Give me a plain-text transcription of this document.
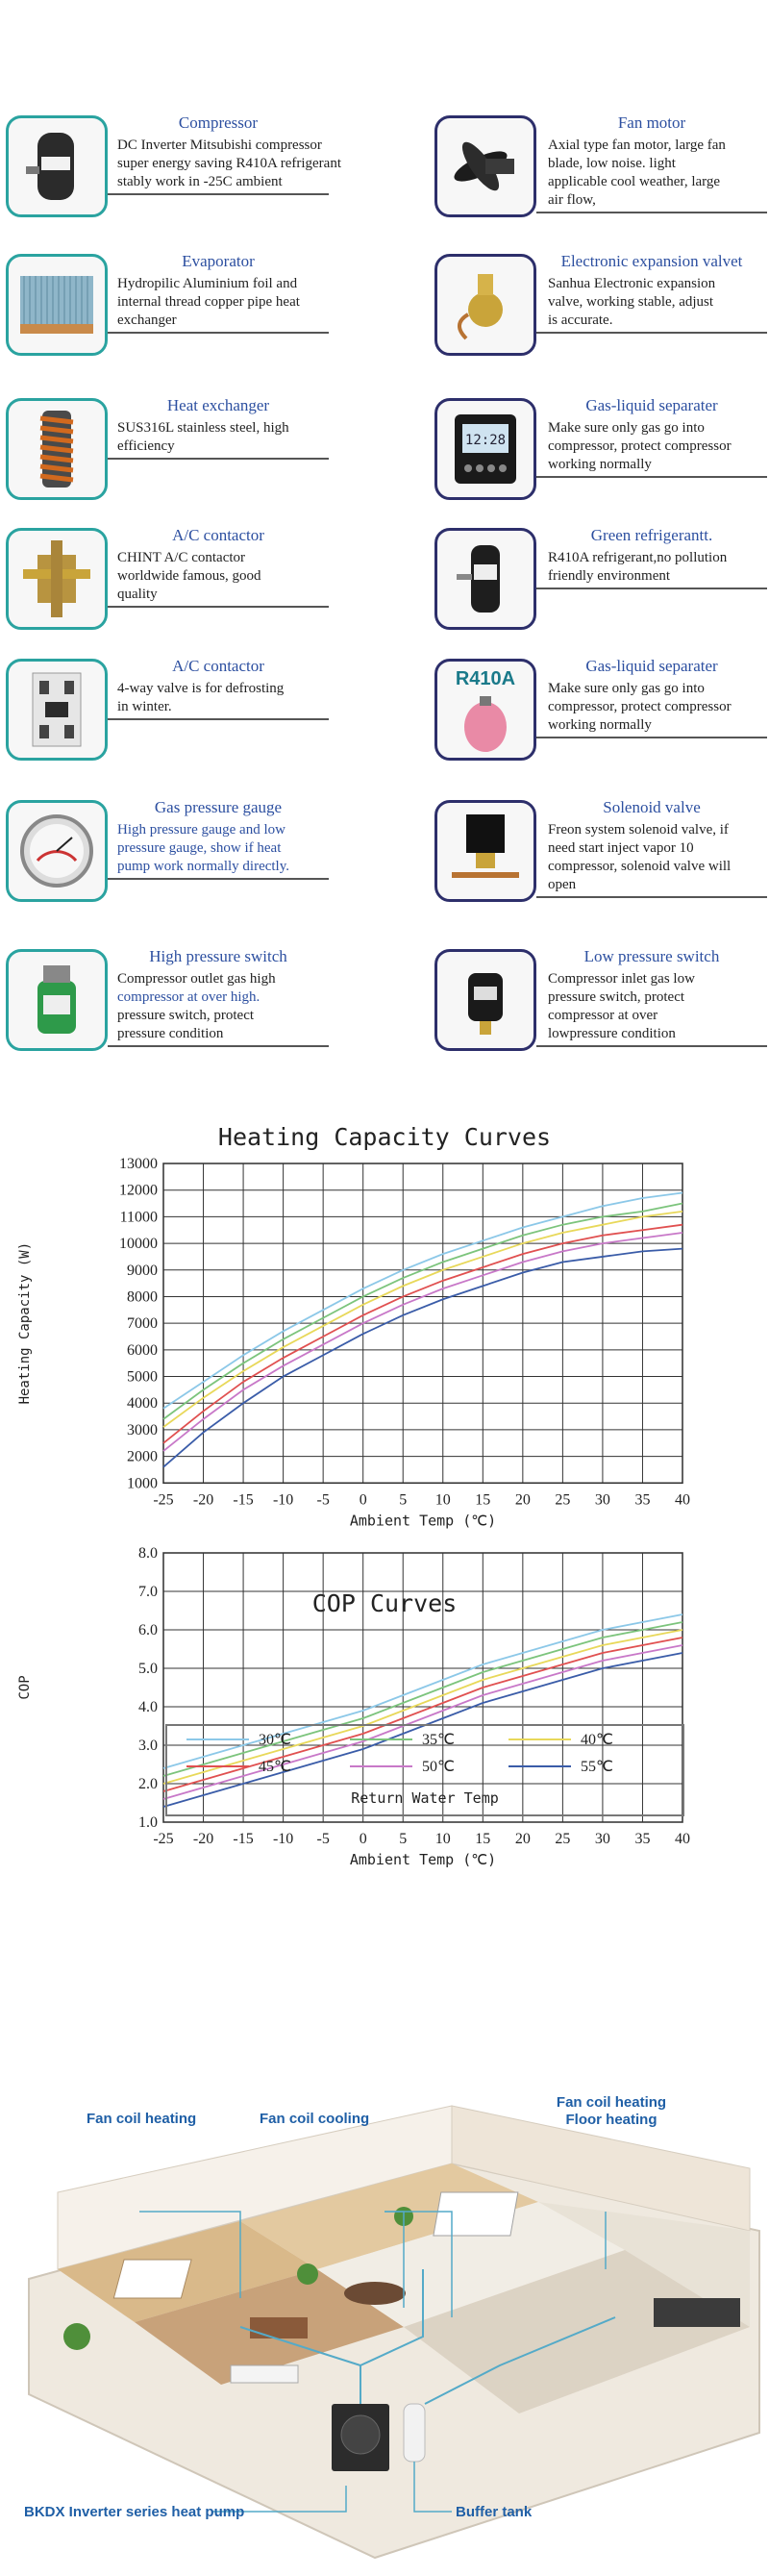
Compressor
DC Inverter Mitsubishi compressor
super energy saving R410A refrigerant
stably work in -25C ambient
Fan motor
Axial type fan motor, large fan
blade, low noise. light
applicable cool weather, large
air flow,
Evaporator
Hydropilic Aluminium foil and
internal thread copper pipe heat
exchanger
Electronic expansion valvet
Sanhua Electronic expansion
valve, working stable, adjust
is accurate.
Heat exchanger
SUS316L stainless steel, high
efficiency	12:28
Gas-liquid separater
Make sure only gas go into
compressor, protect compressor
working normally
A/C contactor
CHINT A/C contactor
worldwide famous, good
quality
Green refrigerantt.
R410A refrigerant,no pollution
friendly environment
A/C contactor
4-way valve is for defrosting
in winter.
R410A
Gas-liquid separater
Make sure only gas go into
compressor, protect compressor
working normally
Gas pressure gauge
High pressure gauge and low
pressure gauge, show if heat
pump work normally directly.
Solenoid valve
Freon system solenoid valve, if
need start inject vapor 10
compressor, solenoid valve will
open
High pressure switch
Compressor outlet gas high
compressor at over high.
pressure switch, protect
pressure condition
Low pressure switch
Compressor inlet gas low
pressure switch, protect
compressor at over
lowpressure condition
Heating Capacity Curves
1000
2000
3000
4000
5000
6000
7000
8000
9000
10000
11000
12000
13000
-25 -20 -15 -10 -5 0 5 10 15 20 25 30 35 40
Ambient Temp (℃)
Heating Capacity (W)
COP Curves
1.0
2.0
3.0
4.0
5.0
6.0
7.0
8.0
-25 -20 -15 -10 -5 0 5 10 15 20 25 30 35 40
Ambient Temp (℃)
COP
30℃	35℃	40℃
45℃	50℃	55℃
Return Water Temp
Fan coil heating	Fan coil cooling
Fan coil heating
Floor heating
BKDX Inverter series heat pump	Buffer tank
